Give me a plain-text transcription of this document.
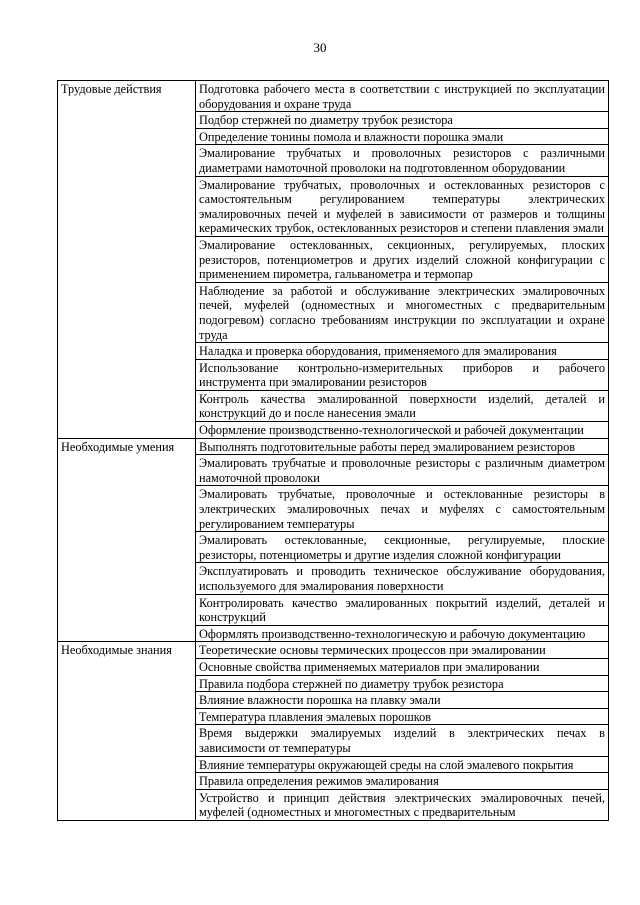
30
Трудовые действия	Подготовка рабочего места в соответствии с инструкцией по эксплуатации оборудования и охране труда
	Подбор стержней по диаметру трубок резистора
	Определение тонины помола и влажности порошка эмали
	Эмалирование трубчатых и проволочных резисторов с различными диаметрами намоточной проволоки на подготовленном оборудовании
	Эмалирование трубчатых, проволочных и остеклованных резисторов с самостоятельным регулированием температуры электрических эмалировочных печей и муфелей в зависимости от размеров и толщины керамических трубок, остеклованных резисторов и степени плавления эмали
	Эмалирование остеклованных, секционных, регулируемых, плоских резисторов, потенциометров и других изделий сложной конфигурации с применением пирометра, гальванометра и термопар
	Наблюдение за работой и обслуживание электрических эмалировочных печей, муфелей (одноместных и многоместных с предварительным подогревом) согласно требованиям инструкции по эксплуатации и охране труда
	Наладка и проверка оборудования, применяемого для эмалирования
	Использование контрольно-измерительных приборов и рабочего инструмента при эмалировании резисторов
	Контроль качества эмалированной поверхности изделий, деталей и конструкций до и после нанесения эмали
	Оформление производственно-технологической и рабочей документации
Необходимые умения	Выполнять подготовительные работы перед эмалированием резисторов
	Эмалировать трубчатые и проволочные резисторы с различным диаметром намоточной проволоки
	Эмалировать трубчатые, проволочные и остеклованные резисторы в электрических эмалировочных печах и муфелях с самостоятельным регулированием температуры
	Эмалировать остеклованные, секционные, регулируемые, плоские резисторы, потенциометры и другие изделия сложной конфигурации
	Эксплуатировать и проводить техническое обслуживание оборудования, используемого для эмалирования поверхности
	Контролировать качество эмалированных покрытий изделий, деталей и конструкций
	Оформлять производственно-технологическую и рабочую документацию
Необходимые знания	Теоретические основы термических процессов при эмалировании
	Основные свойства применяемых материалов при эмалировании
	Правила подбора стержней по диаметру трубок резистора
	Влияние влажности порошка на плавку эмали
	Температура плавления эмалевых порошков
	Время выдержки эмалируемых изделий в электрических печах в зависимости от температуры
	Влияние температуры окружающей среды на слой эмалевого покрытия
	Правила определения режимов эмалирования
	Устройство и принцип действия электрических эмалировочных печей, муфелей (одноместных и многоместных с предварительным
